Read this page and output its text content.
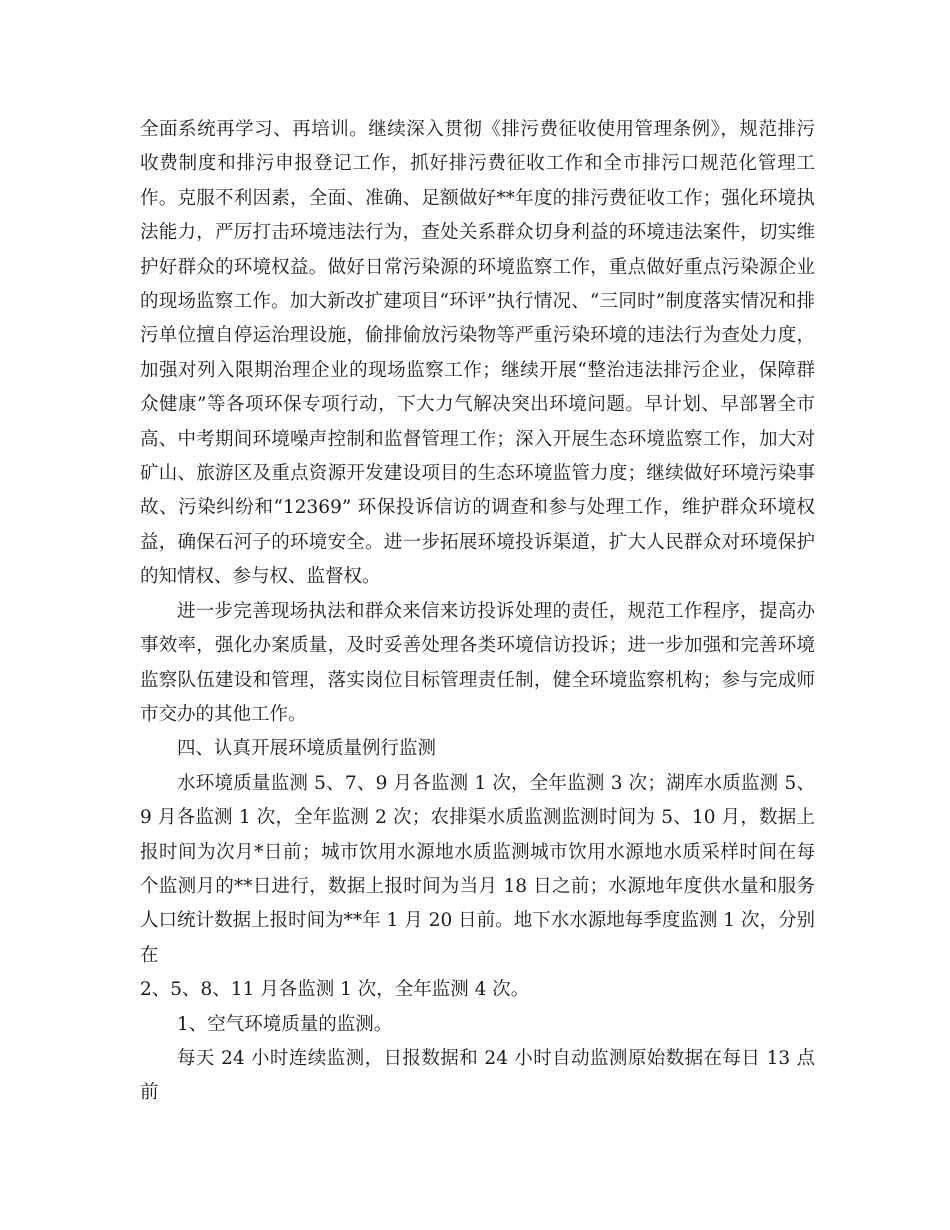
全面系统再学习、再培训。继续深入贯彻《排污费征收使用管理条例》，规范排污收费制度和排污申报登记工作，抓好排污费征收工作和全市排污口规范化管理工作。克服不利因素，全面、准确、足额做好**年度的排污费征收工作；强化环境执法能力，严厉打击环境违法行为，查处关系群众切身利益的环境违法案件，切实维护好群众的环境权益。做好日常污染源的环境监察工作，重点做好重点污染源企业的现场监察工作。加大新改扩建项目“环评”执行情况、“三同时”制度落实情况和排污单位擅自停运治理设施，偷排偷放污染物等严重污染环境的违法行为查处力度，加强对列入限期治理企业的现场监察工作；继续开展“整治违法排污企业，保障群众健康”等各项环保专项行动，下大力气解决突出环境问题。早计划、早部署全市高、中考期间环境噪声控制和监督管理工作；深入开展生态环境监察工作，加大对矿山、旅游区及重点资源开发建设项目的生态环境监管力度；继续做好环境污染事故、污染纠纷和“12369” 环保投诉信访的调查和参与处理工作，维护群众环境权益，确保石河子的环境安全。进一步拓展环境投诉渠道，扩大人民群众对环境保护的知情权、参与权、监督权。

进一步完善现场执法和群众来信来访投诉处理的责任，规范工作程序，提高办事效率，强化办案质量，及时妥善处理各类环境信访投诉；进一步加强和完善环境监察队伍建设和管理，落实岗位目标管理责任制，健全环境监察机构；参与完成师市交办的其他工作。

四、认真开展环境质量例行监测

水环境质量监测 5、7、9 月各监测 1 次，全年监测 3 次；湖库水质监测 5、9 月各监测 1 次，全年监测 2 次；农排渠水质监测监测时间为 5、10 月，数据上报时间为次月*日前；城市饮用水源地水质监测城市饮用水源地水质采样时间在每个监测月的**日进行，数据上报时间为当月 18 日之前；水源地年度供水量和服务人口统计数据上报时间为**年 1 月 20 日前。地下水水源地每季度监测 1 次，分别在

2、5、8、11 月各监测 1 次，全年监测 4 次。

1、空气环境质量的监测。

每天 24 小时连续监测，日报数据和 24 小时自动监测原始数据在每日 13 点前
